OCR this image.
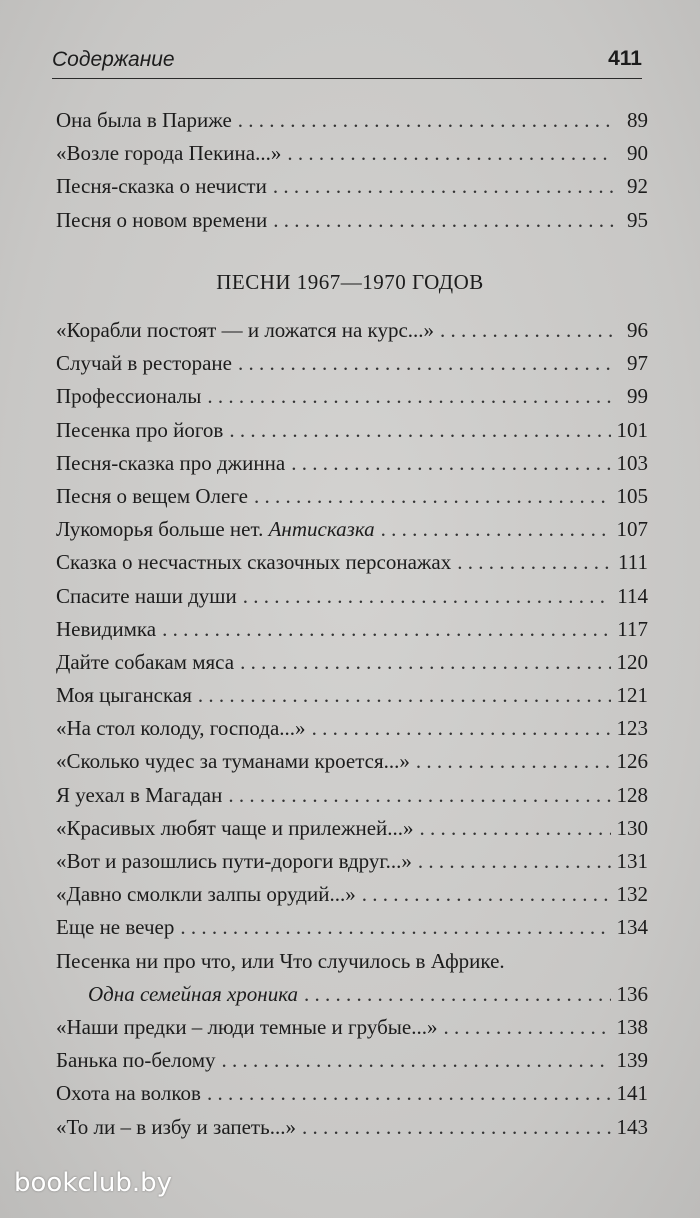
Содержание	411
Она была в Париже . . .	89
«Возле города Пекина...» . . .	90
Песня-сказка о нечисти . . .	92
Песня о новом времени . . .	95
ПЕСНИ 1967—1970 ГОДОВ
«Корабли постоят — и ложатся на курс...» . . .	96
Случай в ресторане . . .	97
Профессионалы . . .	99
Песенка про йогов . . .	101
Песня-сказка про джинна . . .	103
Песня о вещем Олеге . . .	105
Лукоморья больше нет. Антисказка . . .	107
Сказка о несчастных сказочных персонажах . . .	111
Спасите наши души . . .	114
Невидимка . . .	117
Дайте собакам мяса . . .	120
Моя цыганская . . .	121
«На стол колоду, господа...» . . .	123
«Сколько чудес за туманами кроется...» . . .	126
Я уехал в Магадан . . .	128
«Красивых любят чаще и прилежней...» . . .	130
«Вот и разошлись пути-дороги вдруг...» . . .	131
«Давно смолкли залпы орудий...» . . .	132
Еще не вечер . . .	134
Песенка ни про что, или Что случилось в Африке.
Одна семейная хроника . . .	136
«Наши предки – люди темные и грубые...» . . .	138
Банька по-белому . . .	139
Охота на волков . . .	141
«То ли – в избу и запеть...» . . .	143
bookclub.by
